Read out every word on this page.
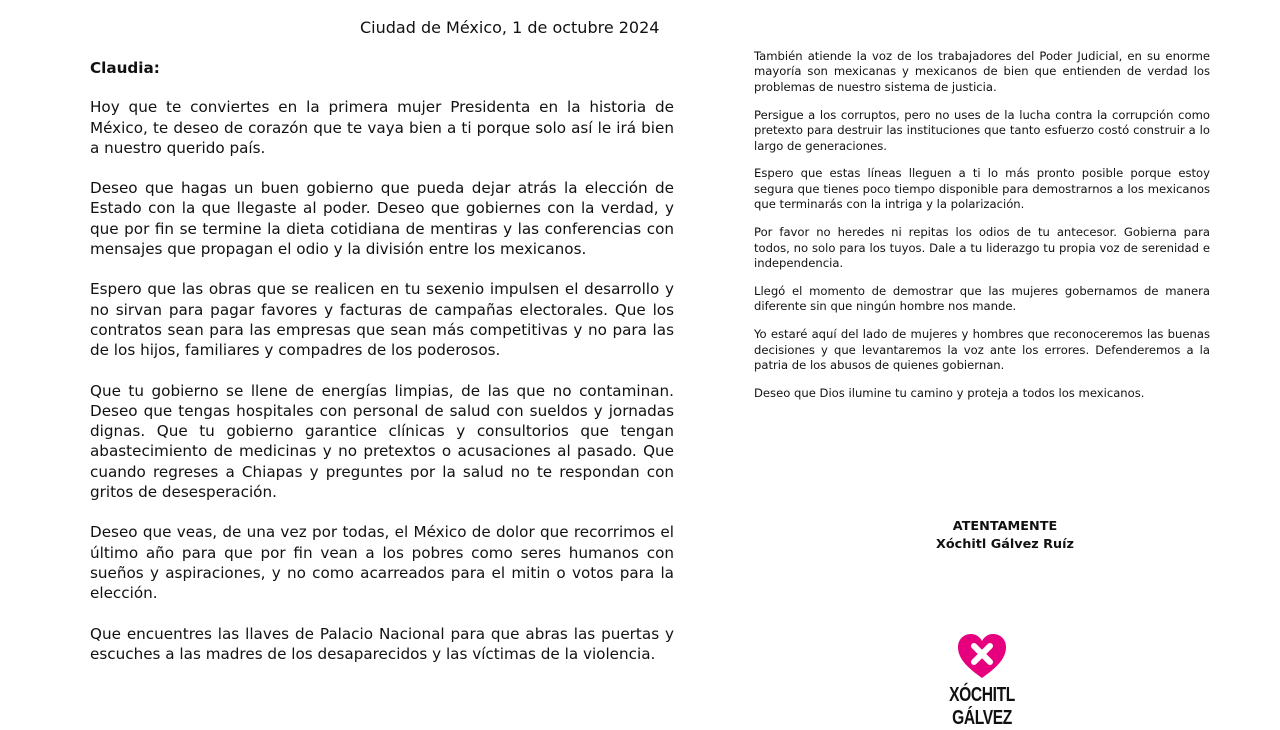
Ciudad de México, 1 de octubre 2024
Claudia:

Hoy que te conviertes en la primera mujer Presidenta en la historia de México, te deseo de corazón que te vaya bien a ti porque solo así le irá bien a nuestro querido país.

Deseo que hagas un buen gobierno que pueda dejar atrás la elección de Estado con la que llegaste al poder. Deseo que gobiernes con la verdad, y que por fin se termine la dieta cotidiana de mentiras y las conferencias con mensajes que propagan el odio y la división entre los mexicanos.

Espero que las obras que se realicen en tu sexenio impulsen el desarrollo y no sirvan para pagar favores y facturas de campañas electorales. Que los contratos sean para las empresas que sean más competitivas y no para las de los hijos, familiares y compadres de los poderosos.

Que tu gobierno se llene de energías limpias, de las que no contaminan. Deseo que tengas hospitales con personal de salud con sueldos y jornadas dignas. Que tu gobierno garantice clínicas y consultorios que tengan abastecimiento de medicinas y no pretextos o acusaciones al pasado. Que cuando regreses a Chiapas y preguntes por la salud no te respondan con gritos de desesperación.

Deseo que veas, de una vez por todas, el México de dolor que recorrimos el último año para que por fin vean a los pobres como seres humanos con sueños y aspiraciones, y no como acarreados para el mitin o votos para la elección.

Que encuentres las llaves de Palacio Nacional para que abras las puertas y escuches a las madres de los desaparecidos y las víctimas de la violencia.

También atiende la voz de los trabajadores del Poder Judicial, en su enorme mayoría son mexicanas y mexicanos de bien que entienden de verdad los problemas de nuestro sistema de justicia.

Persigue a los corruptos, pero no uses de la lucha contra la corrupción como pretexto para destruir las instituciones que tanto esfuerzo costó construir a lo largo de generaciones.

Espero que estas líneas lleguen a ti lo más pronto posible porque estoy segura que tienes poco tiempo disponible para demostrarnos a los mexicanos que terminarás con la intriga y la polarización.

Por favor no heredes ni repitas los odios de tu antecesor. Gobierna para todos, no solo para los tuyos. Dale a tu liderazgo tu propia voz de serenidad e independencia.

Llegó el momento de demostrar que las mujeres gobernamos de manera diferente sin que ningún hombre nos mande.

Yo estaré aquí del lado de mujeres y hombres que reconoceremos las buenas decisiones y que levantaremos la voz ante los errores. Defenderemos a la patria de los abusos de quienes gobiernan.

Deseo que Dios ilumine tu camino y proteja a todos los mexicanos.

ATENTAMENTE
Xóchitl Gálvez Ruíz
XÓCHITL GÁLVEZ
